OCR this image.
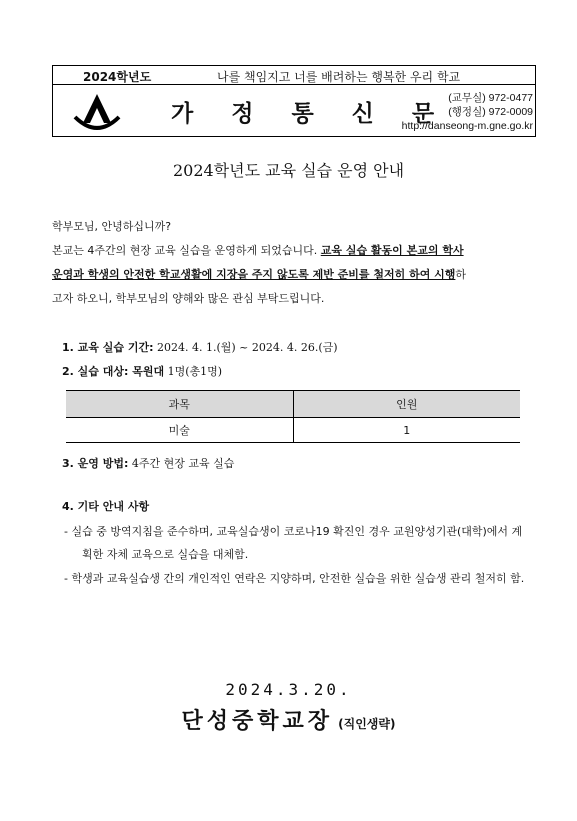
2024학년도	나를 책임지고 너를 배려하는 행복한 우리 학교
가 정 통 신 문
(교무실) 972-0477
(행정실) 972-0009
http://danseong-m.gne.go.kr
2024학년도 교육 실습 운영 안내
학부모님, 안녕하십니까?
본교는 4주간의 현장 교육 실습을 운영하게 되었습니다. 교육 실습 활동이 본교의 학사
운영과 학생의 안전한 학교생활에 지장을 주지 않도록 제반 준비를 철저히 하여 시행하
고자 하오니, 학부모님의 양해와 많은 관심 부탁드립니다.
1. 교육 실습 기간: 2024. 4. 1.(월) ~ 2024. 4. 26.(금)
2. 실습 대상: 목원대 1명(총1명)
과목	인원
미술	1
3. 운영 방법: 4주간 현장 교육 실습
4. 기타 안내 사항
- 실습 중 방역지침을 준수하며, 교육실습생이 코로나19 확진인 경우 교원양성기관(대학)에서 계획한 자체 교육으로 실습을 대체함.
- 학생과 교육실습생 간의 개인적인 연락은 지양하며, 안전한 실습을 위한 실습생 관리 철저히 함.
2024.3.20.
단성중학교장 (직인생략)
